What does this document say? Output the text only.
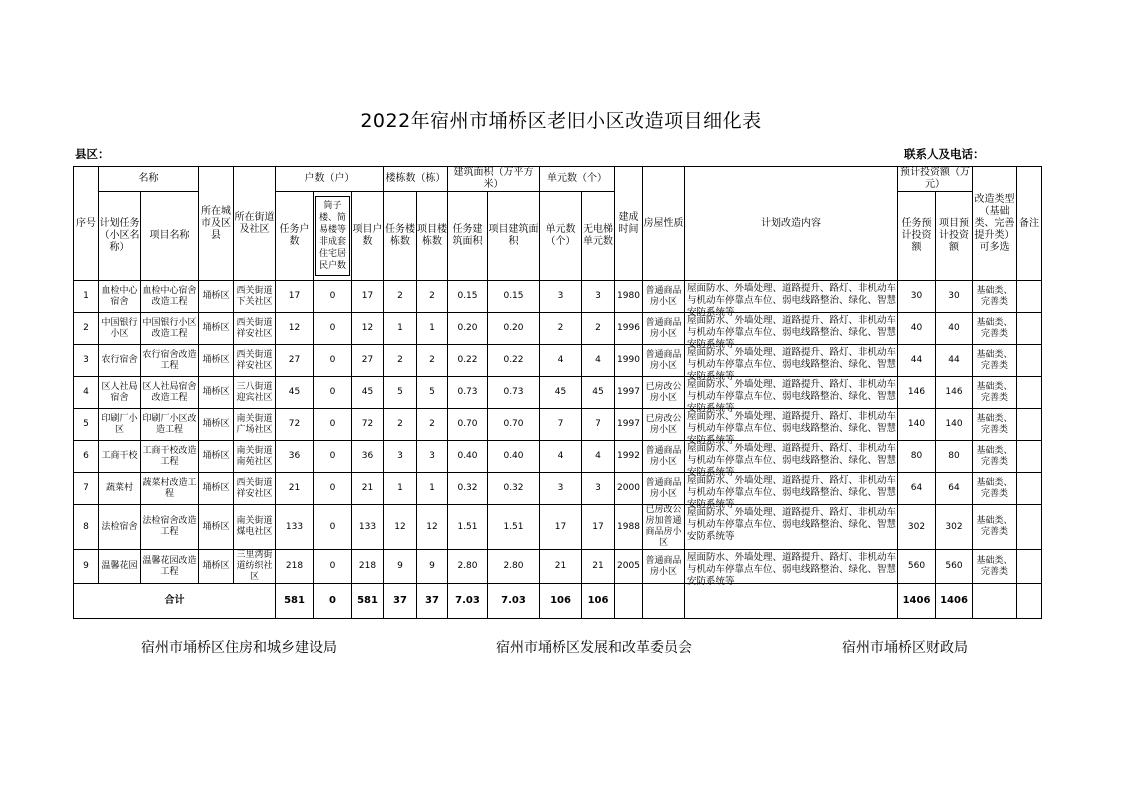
2022年宿州市埇桥区老旧小区改造项目细化表
县区：	联系人及电话：
序号	名称		所在城市及区县	所在街道及社区	户数（户）			楼栋数（栋）		建筑面积（万平方米）		单元数（个）		建成时间	房屋性质	计划改造内容	预计投资额（万元）		改造类型（基础类、完善提升类）可多选	备注
	计划任务（小区名称）	项目名称			任务户数	筒子楼、简易楼等非成套住宅居民户数	项目户数	任务楼栋数	项目楼栋数	任务建筑面积	项目建筑面积	单元数（个）	无电梯单元数				任务预计投资额	项目预计投资额		
1	血检中心宿舍	血检中心宿舍改造工程	埇桥区	西关街道下关社区	17	0	17	2	2	0.15	0.15	3	3	1980	普通商品房小区	屋面防水、外墙处理、道路提升、路灯、非机动车与机动车停靠点车位、弱电线路整治、绿化、智慧安防系统等	30	30	基础类、完善类	
2	中国银行小区	中国银行小区改造工程	埇桥区	西关街道祥安社区	12	0	12	1	1	0.20	0.20	2	2	1996	普通商品房小区	屋面防水、外墙处理、道路提升、路灯、非机动车与机动车停靠点车位、弱电线路整治、绿化、智慧安防系统等	40	40	基础类、完善类	
3	农行宿舍	农行宿舍改造工程	埇桥区	西关街道祥安社区	27	0	27	2	2	0.22	0.22	4	4	1990	普通商品房小区	屋面防水、外墙处理、道路提升、路灯、非机动车与机动车停靠点车位、弱电线路整治、绿化、智慧安防系统等	44	44	基础类、完善类	
4	区人社局宿舍	区人社局宿舍改造工程	埇桥区	三八街道迎宾社区	45	0	45	5	5	0.73	0.73	45	45	1997	已房改公房小区	屋面防水、外墙处理、道路提升、路灯、非机动车与机动车停靠点车位、弱电线路整治、绿化、智慧安防系统等	146	146	基础类、完善类	
5	印刷厂小区	印刷厂小区改造工程	埇桥区	南关街道广场社区	72	0	72	2	2	0.70	0.70	7	7	1997	已房改公房小区	屋面防水、外墙处理、道路提升、路灯、非机动车与机动车停靠点车位、弱电线路整治、绿化、智慧安防系统等	140	140	基础类、完善类	
6	工商干校	工商干校改造工程	埇桥区	南关街道南苑社区	36	0	36	3	3	0.40	0.40	4	4	1992	普通商品房小区	屋面防水、外墙处理、道路提升、路灯、非机动车与机动车停靠点车位、弱电线路整治、绿化、智慧安防系统等	80	80	基础类、完善类	
7	蔬菜村	蔬菜村改造工程	埇桥区	西关街道祥安社区	21	0	21	1	1	0.32	0.32	3	3	2000	普通商品房小区	屋面防水、外墙处理、道路提升、路灯、非机动车与机动车停靠点车位、弱电线路整治、绿化、智慧安防系统等	64	64	基础类、完善类	
8	法检宿舍	法检宿舍改造工程	埇桥区	南关街道煤电社区	133	0	133	12	12	1.51	1.51	17	17	1988	已房改公房加普通商品房小区	屋面防水、外墙处理、道路提升、路灯、非机动车与机动车停靠点车位、弱电线路整治、绿化、智慧安防系统等	302	302	基础类、完善类	
9	温馨花园	温馨花园改造工程	埇桥区	三里湾街道纺织社区	218	0	218	9	9	2.80	2.80	21	21	2005	普通商品房小区	屋面防水、外墙处理、道路提升、路灯、非机动车与机动车停靠点车位、弱电线路整治、绿化、智慧安防系统等	560	560	基础类、完善类	
合计					581	0	581	37	37	7.03	7.03	106	106				1406	1406		
宿州市埇桥区住房和城乡建设局	宿州市埇桥区发展和改革委员会	宿州市埇桥区财政局
